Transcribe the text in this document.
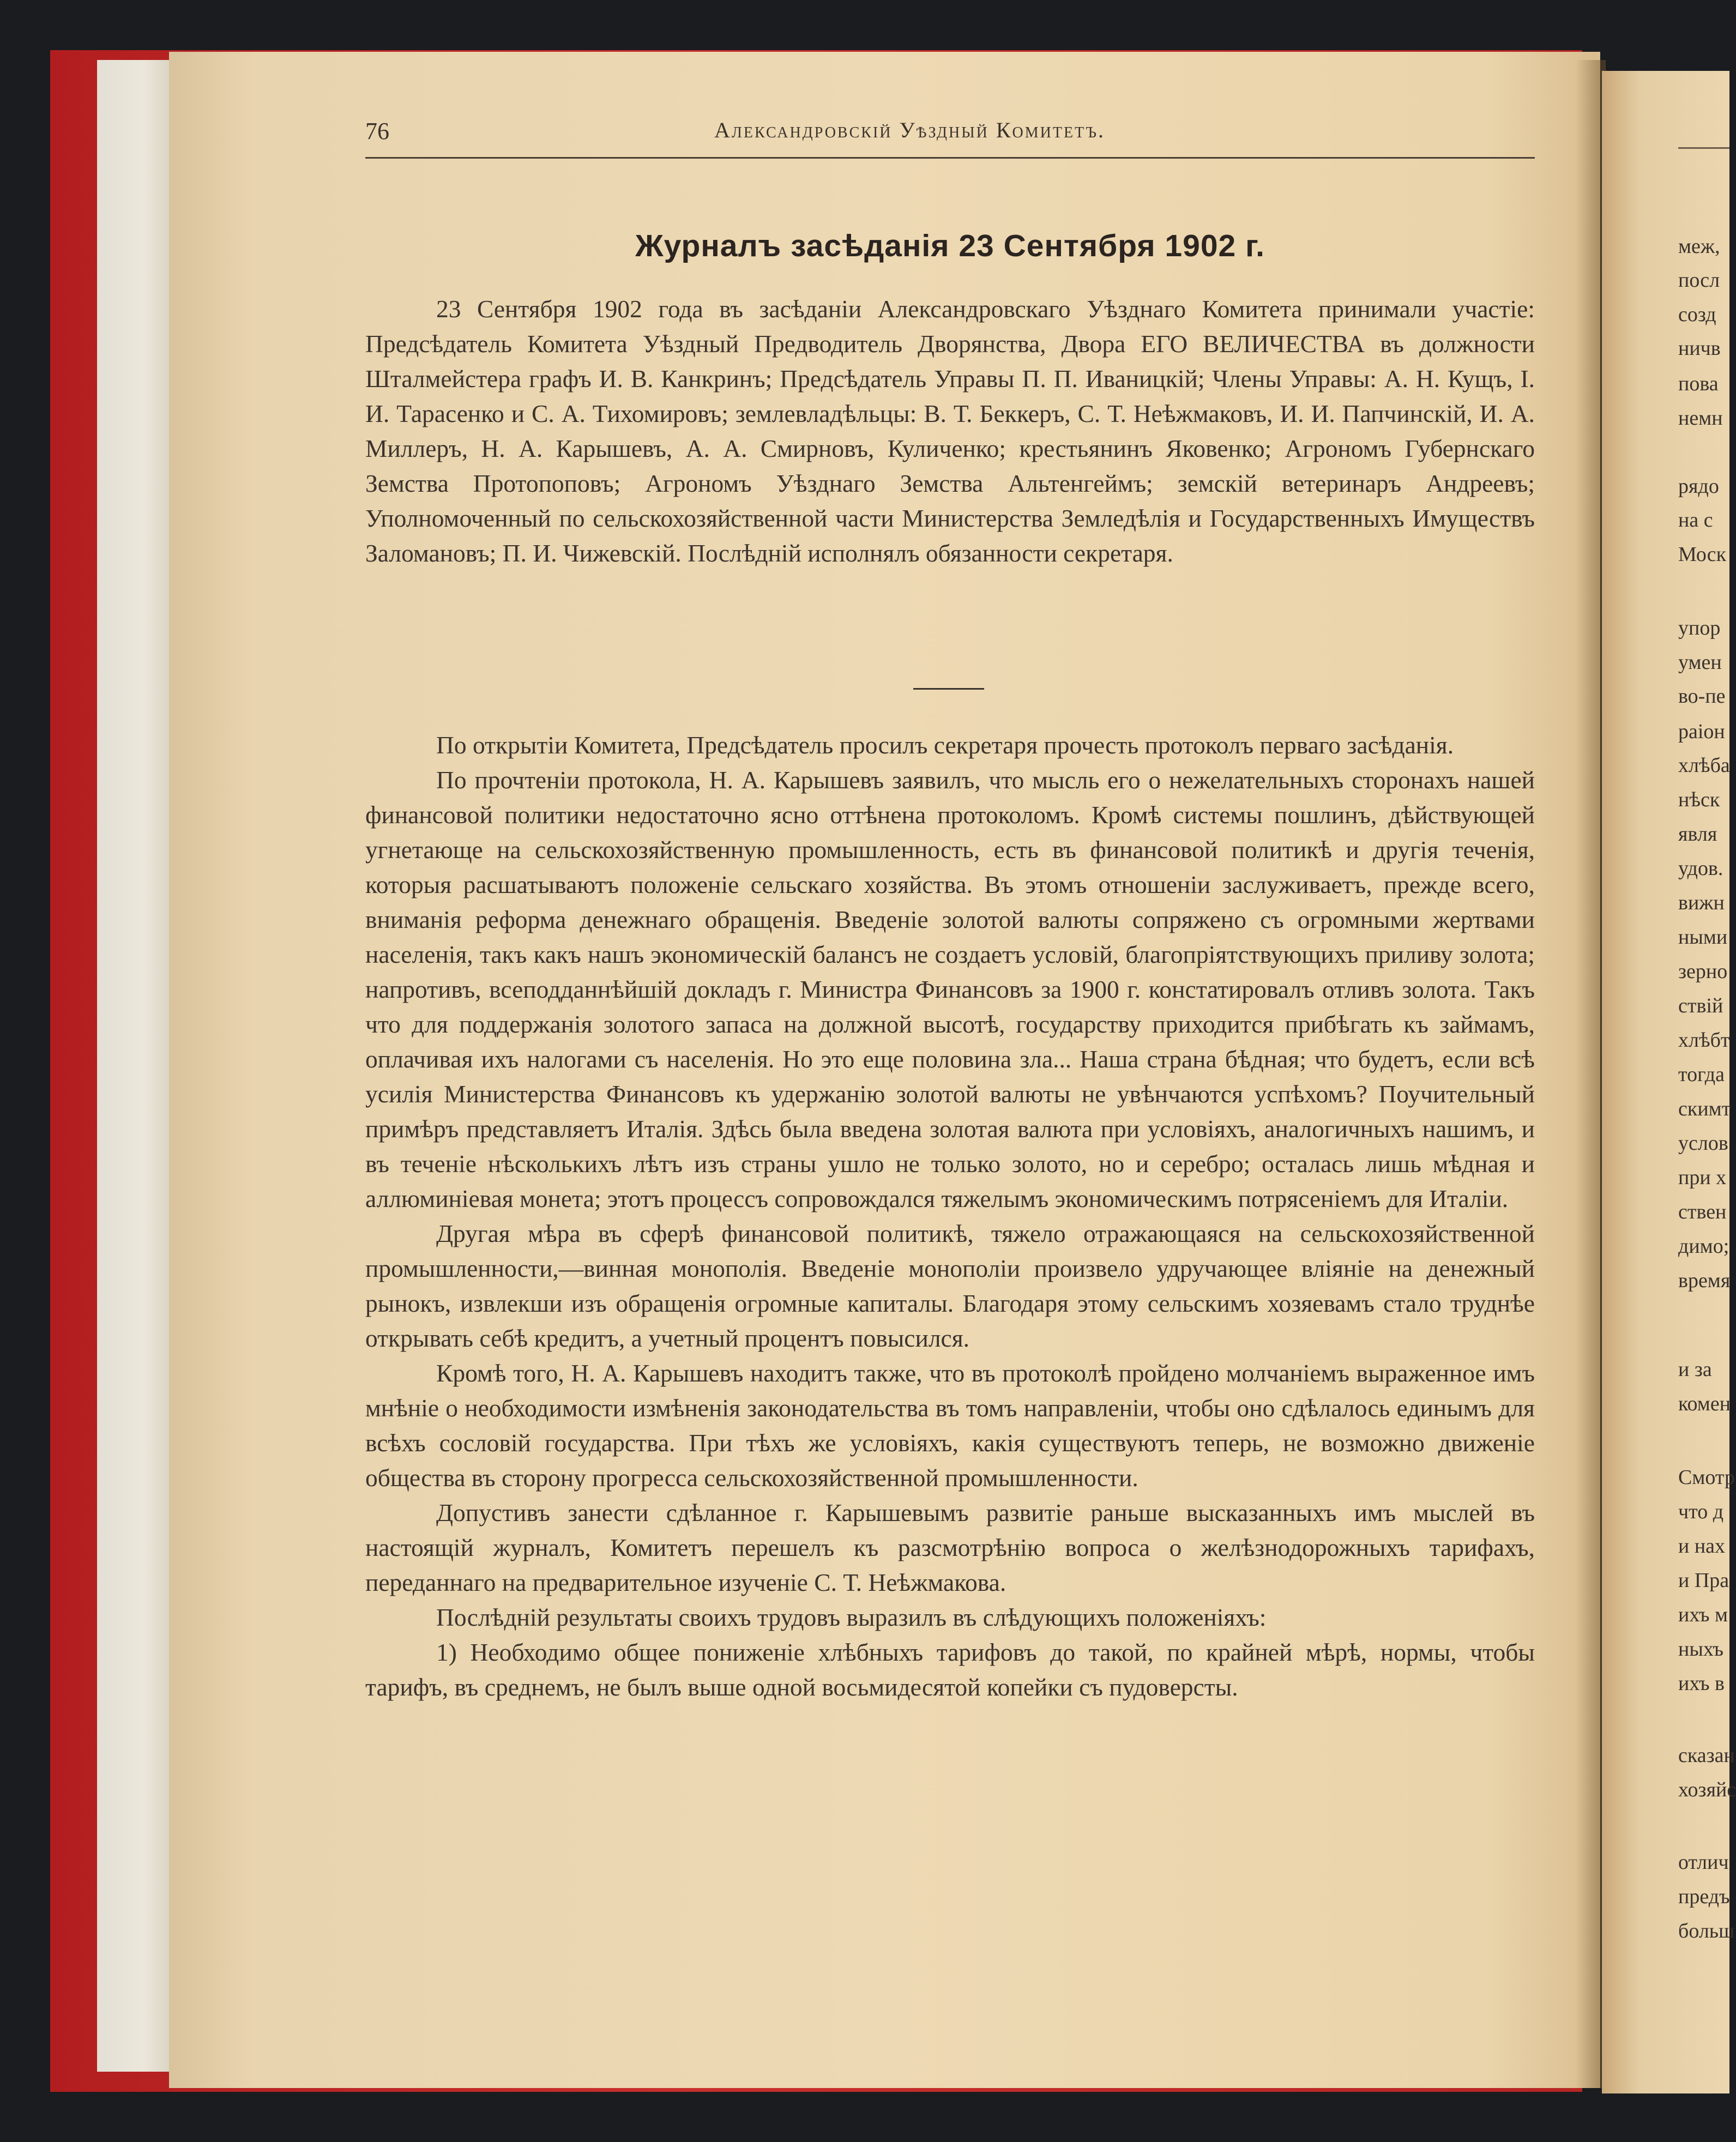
меж,
посл
созд
ничв
пова
немн
рядо
на с
Моск
упор
умен
во-пе
раіон
хлѣба
нѣск
явля
удов.
вижн
ными
зерно
ствій
хлѣбт
тогда
скимт
услов
при х
ствен
димо;
время
и за
комен
Смотр
что д
и нах
и Пра
ихъ м
ныхъ
ихъ в
сказан
хозяйс
отлич
предъ
больш
76	Александровскій Уѣздный Комитетъ.
Журналъ засѣданія 23 Сентября 1902 г.

23 Сентября 1902 года въ засѣданіи Александровскаго Уѣзднаго Комитета принимали участіе: Предсѣдатель Комитета Уѣздный Предводитель Дворянства, Двора ЕГО ВЕЛИЧЕСТВА въ должности Шталмейстера графъ И. В. Канкринъ; Предсѣдатель Управы П. П. Иваницкій; Члены Управы: А. Н. Кущъ, І. И. Тарасенко и С. А. Тихомировъ; землевладѣльцы: В. Т. Беккеръ, С. Т. Неѣжмаковъ, И. И. Папчинскій, И. А. Миллеръ, Н. А. Карышевъ, А. А. Смирновъ, Куличенко; крестьянинъ Яковенко; Агрономъ Губернскаго Земства Протопоповъ; Агрономъ Уѣзднаго Земства Альтенгеймъ; земскій ветеринаръ Андреевъ; Уполномоченный по сельскохозяйственной части Министерства Земледѣлія и Государственныхъ Имуществъ Заломановъ; П. И. Чижевскій. Послѣдній исполнялъ обязанности секретаря.

По открытіи Комитета, Предсѣдатель просилъ секретаря прочесть протоколъ перваго засѣданія.

По прочтеніи протокола, Н. А. Карышевъ заявилъ, что мысль его о нежелательныхъ сторонахъ нашей финансовой политики недостаточно ясно оттѣнена протоколомъ. Кромѣ системы пошлинъ, дѣйствующей угнетающе на сельскохозяйственную промышленность, есть въ финансовой политикѣ и другія теченія, которыя расшатываютъ положеніе сельскаго хозяйства. Въ этомъ отношеніи заслуживаетъ, прежде всего, вниманія реформа денежнаго обращенія. Введеніе золотой валюты сопряжено съ огромными жертвами населенія, такъ какъ нашъ экономическій балансъ не создаетъ условій, благопріятствующихъ приливу золота; напротивъ, всеподданнѣйшій докладъ г. Министра Финансовъ за 1900 г. констатировалъ отливъ золота. Такъ что для поддержанія золотого запаса на должной высотѣ, государству приходится прибѣгать къ займамъ, оплачивая ихъ налогами съ населенія. Но это еще половина зла... Наша страна бѣдная; что будетъ, если всѣ усилія Министерства Финансовъ къ удержанію золотой валюты не увѣнчаются успѣхомъ? Поучительный примѣръ представляетъ Италія. Здѣсь была введена золотая валюта при условіяхъ, аналогичныхъ нашимъ, и въ теченіе нѣсколькихъ лѣтъ изъ страны ушло не только золото, но и серебро; осталась лишь мѣдная и аллюминіевая монета; этотъ процессъ сопровождался тяжелымъ экономическимъ потрясеніемъ для Италіи.

Другая мѣра въ сферѣ финансовой политикѣ, тяжело отражающаяся на сельскохозяйственной промышленности,—винная монополія. Введеніе монополіи произвело удручающее вліяніе на денежный рынокъ, извлекши изъ обращенія огромные капиталы. Благодаря этому сельскимъ хозяевамъ стало труднѣе открывать себѣ кредитъ, а учетный процентъ повысился.

Кромѣ того, Н. А. Карышевъ находитъ также, что въ протоколѣ пройдено молчаніемъ выраженное имъ мнѣніе о необходимости измѣненія законодательства въ томъ направленіи, чтобы оно сдѣлалось единымъ для всѣхъ сословій государства. При тѣхъ же условіяхъ, какія существуютъ теперь, не возможно движеніе общества въ сторону прогресса сельскохозяйственной промышленности.

Допустивъ занести сдѣланное г. Карышевымъ развитіе раньше высказанныхъ имъ мыслей въ настоящій журналъ, Комитетъ перешелъ къ разсмотрѣнію вопроса о желѣзнодорожныхъ тарифахъ, переданнаго на предварительное изученіе С. Т. Неѣжмакова.

Послѣдній результаты своихъ трудовъ выразилъ въ слѣдующихъ положеніяхъ:

1) Необходимо общее пониженіе хлѣбныхъ тарифовъ до такой, по крайней мѣрѣ, нормы, чтобы тарифъ, въ среднемъ, не былъ выше одной восьмидесятой копейки съ пудоверсты.
